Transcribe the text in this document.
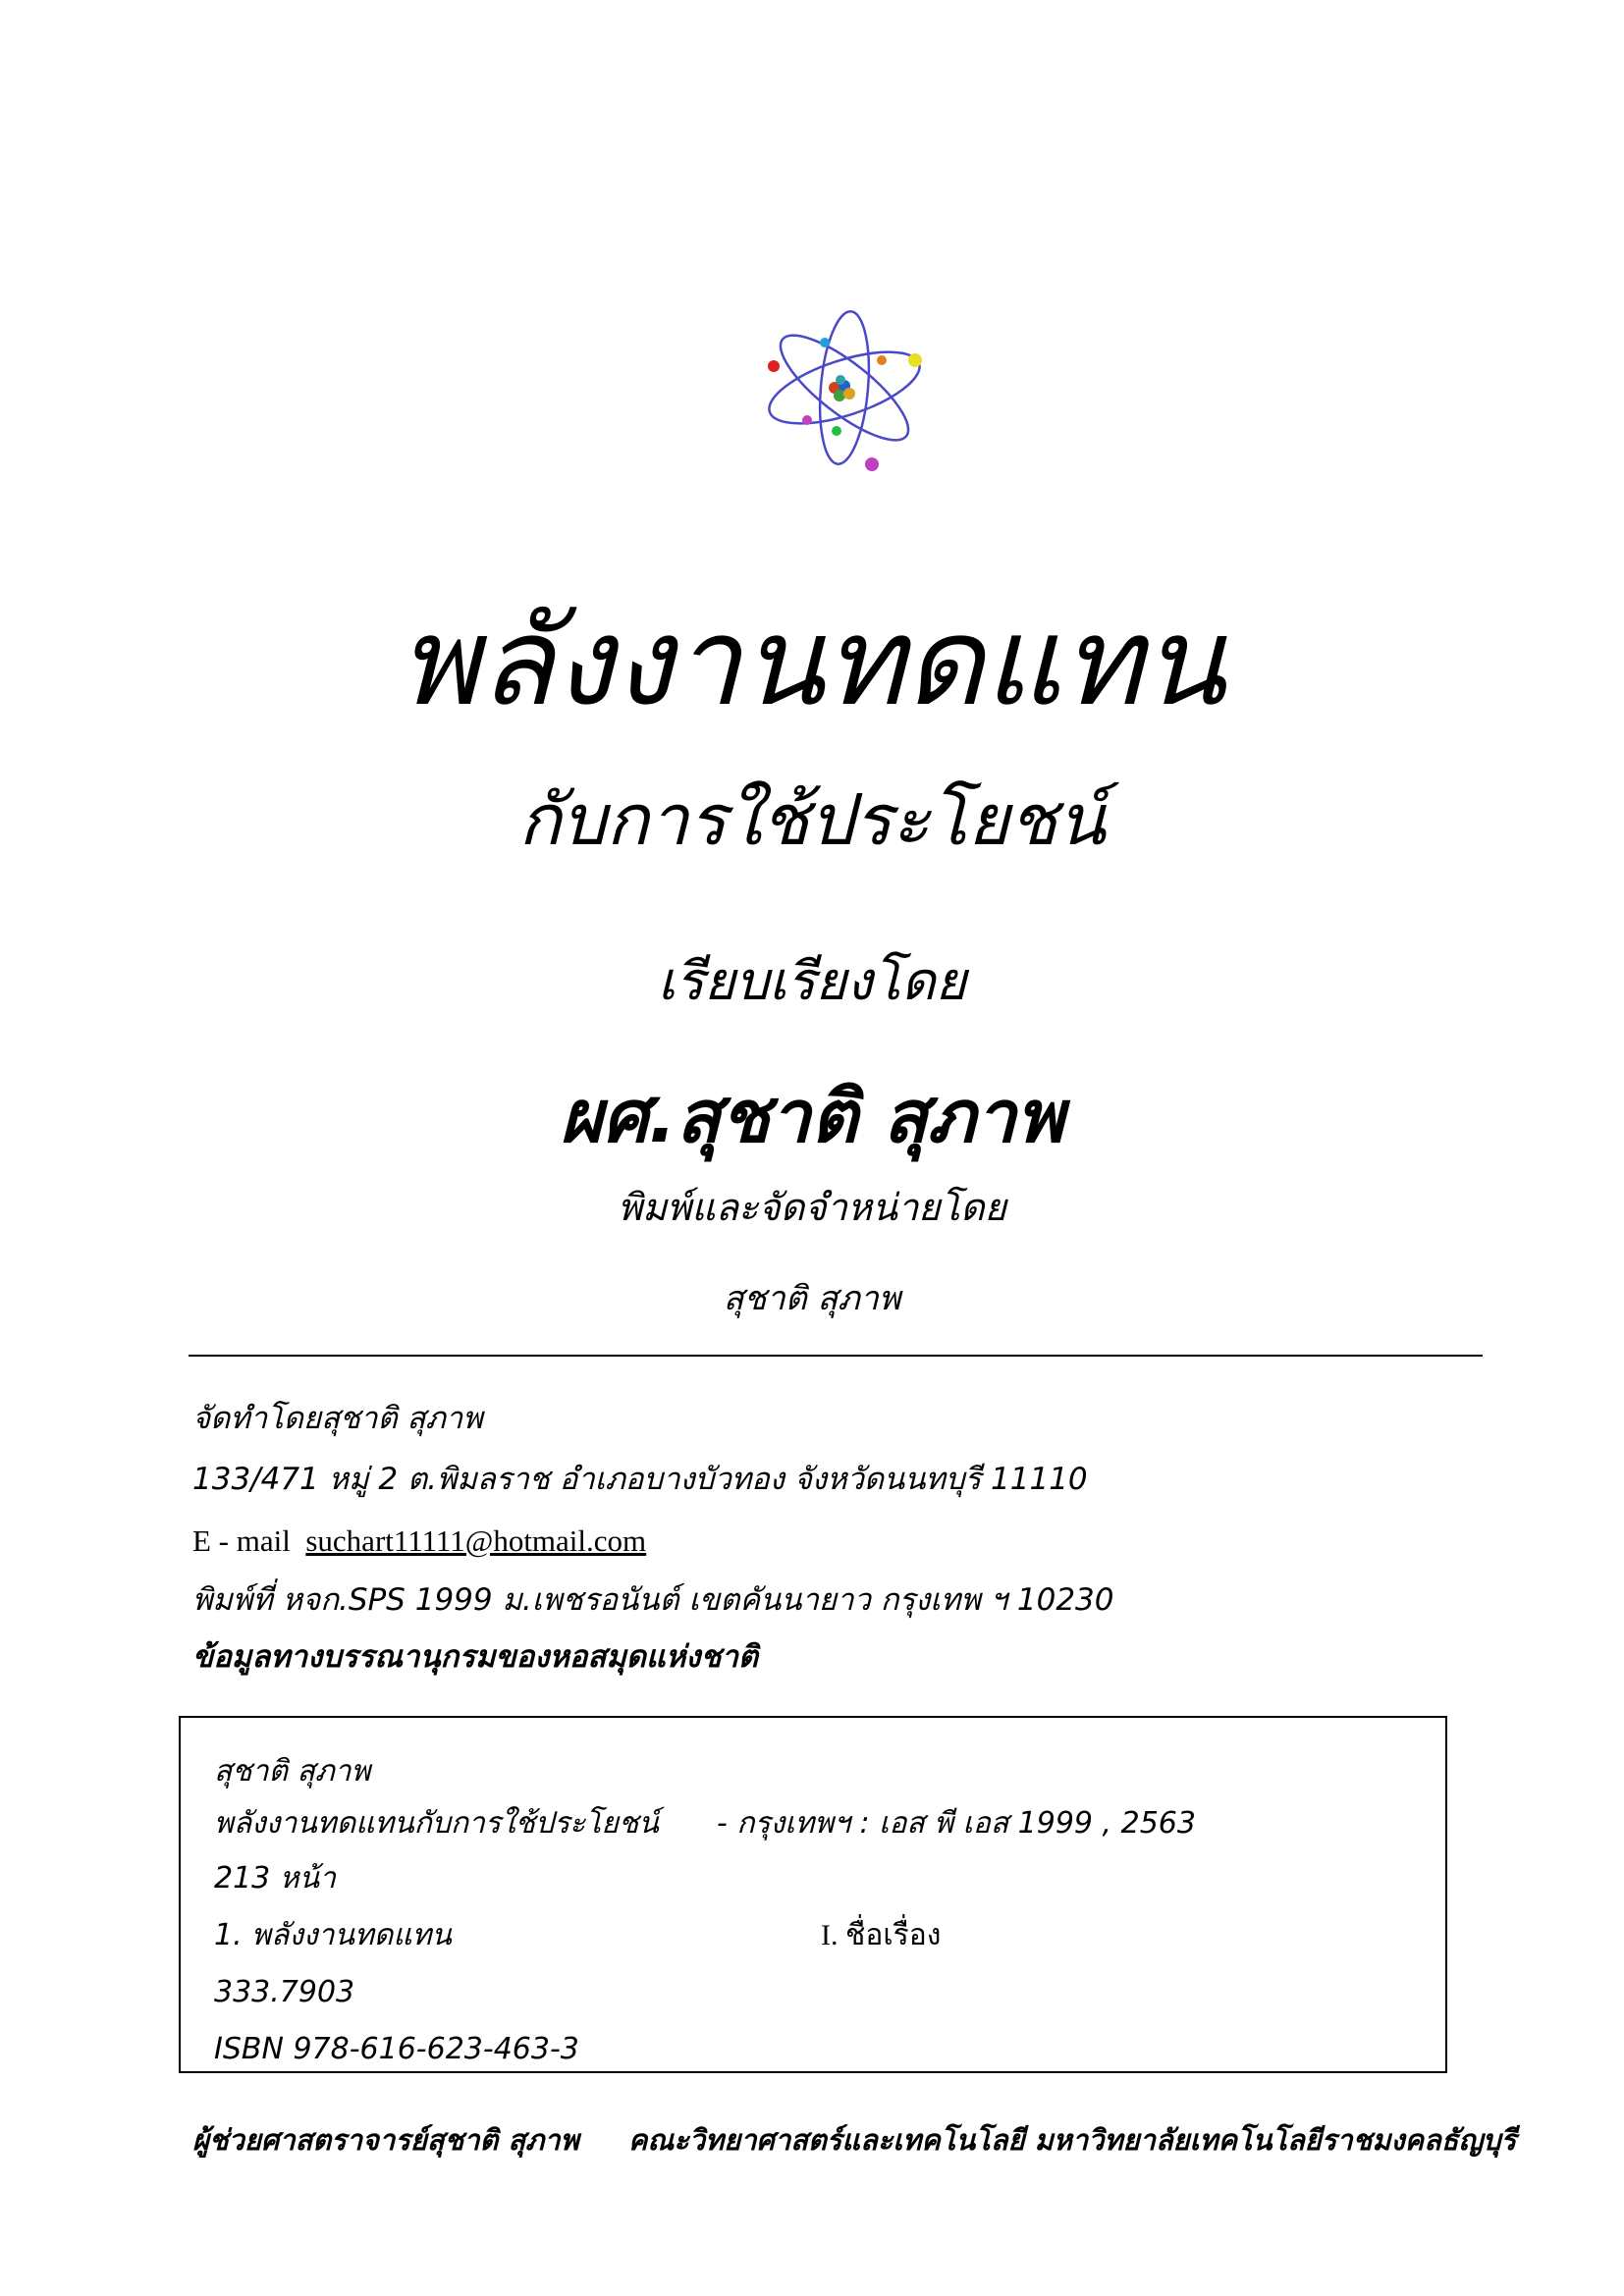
พลังงานทดแทน
กับการใช้ประโยชน์
เรียบเรียงโดย
ผศ.สุชาติ สุภาพ
พิมพ์และจัดจำหน่ายโดย
สุชาติ สุภาพ
จัดทำโดยสุชาติ สุภาพ
133/471 หมู่ 2 ต.พิมลราช อำเภอบางบัวทอง จังหวัดนนทบุรี 11110
E - mail suchart11111@hotmail.com
พิมพ์ที่ หจก.SPS 1999 ม.เพชรอนันต์ เขตคันนายาว กรุงเทพ ฯ 10230
ข้อมูลทางบรรณานุกรมของหอสมุดแห่งชาติ
สุชาติ สุภาพ
พลังงานทดแทนกับการใช้ประโยชน์ - กรุงเทพฯ : เอส พี เอส 1999 , 2563
213 หน้า
1. พลังงานทดแทน	I. ชื่อเรื่อง
333.7903
ISBN 978-616-623-463-3
ผู้ช่วยศาสตราจารย์สุชาติ สุภาพ คณะวิทยาศาสตร์และเทคโนโลยี มหาวิทยาลัยเทคโนโลยีราชมงคลธัญบุรี
